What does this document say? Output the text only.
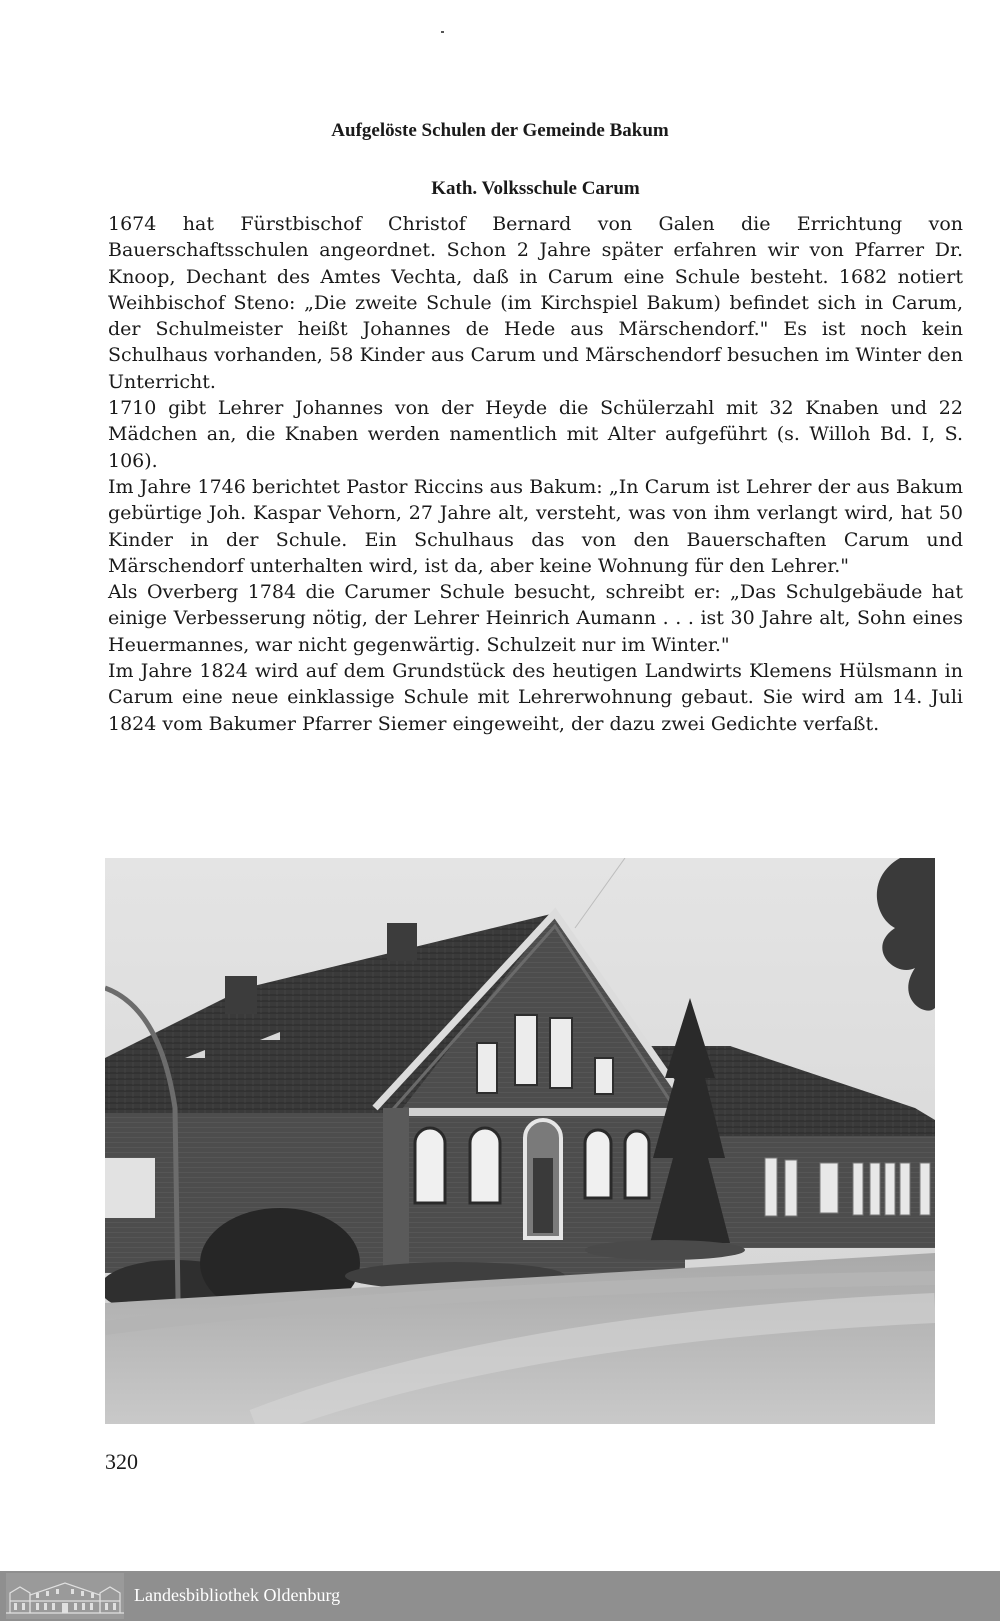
Aufgelöste Schulen der Gemeinde Bakum
Kath. Volksschule Carum

1674 hat Fürstbischof Christof Bernard von Galen die Errichtung von Bauerschaftsschulen angeordnet. Schon 2 Jahre später erfahren wir von Pfarrer Dr. Knoop, Dechant des Amtes Vechta, daß in Carum eine Schule besteht. 1682 notiert Weihbischof Steno: „Die zweite Schule (im Kirchspiel Bakum) befindet sich in Carum, der Schulmeister heißt Johannes de Hede aus Märschendorf." Es ist noch kein Schulhaus vorhanden, 58 Kinder aus Carum und Märschendorf besuchen im Winter den Unterricht.

1710 gibt Lehrer Johannes von der Heyde die Schülerzahl mit 32 Knaben und 22 Mädchen an, die Knaben werden namentlich mit Alter aufgeführt (s. Willoh Bd. I, S. 106).

Im Jahre 1746 berichtet Pastor Riccins aus Bakum: „In Carum ist Lehrer der aus Bakum gebürtige Joh. Kaspar Vehorn, 27 Jahre alt, versteht, was von ihm verlangt wird, hat 50 Kinder in der Schule. Ein Schulhaus das von den Bauerschaften Carum und Märschendorf unterhalten wird, ist da, aber keine Wohnung für den Lehrer."

Als Overberg 1784 die Carumer Schule besucht, schreibt er: „Das Schulgebäude hat einige Verbesserung nötig, der Lehrer Heinrich Aumann . . . ist 30 Jahre alt, Sohn eines Heuermannes, war nicht gegenwärtig. Schulzeit nur im Winter."

Im Jahre 1824 wird auf dem Grundstück des heutigen Landwirts Klemens Hülsmann in Carum eine neue einklassige Schule mit Lehrerwohnung gebaut. Sie wird am 14. Juli 1824 vom Bakumer Pfarrer Siemer eingeweiht, der dazu zwei Gedichte verfaßt.

320
Landesbibliothek Oldenburg
